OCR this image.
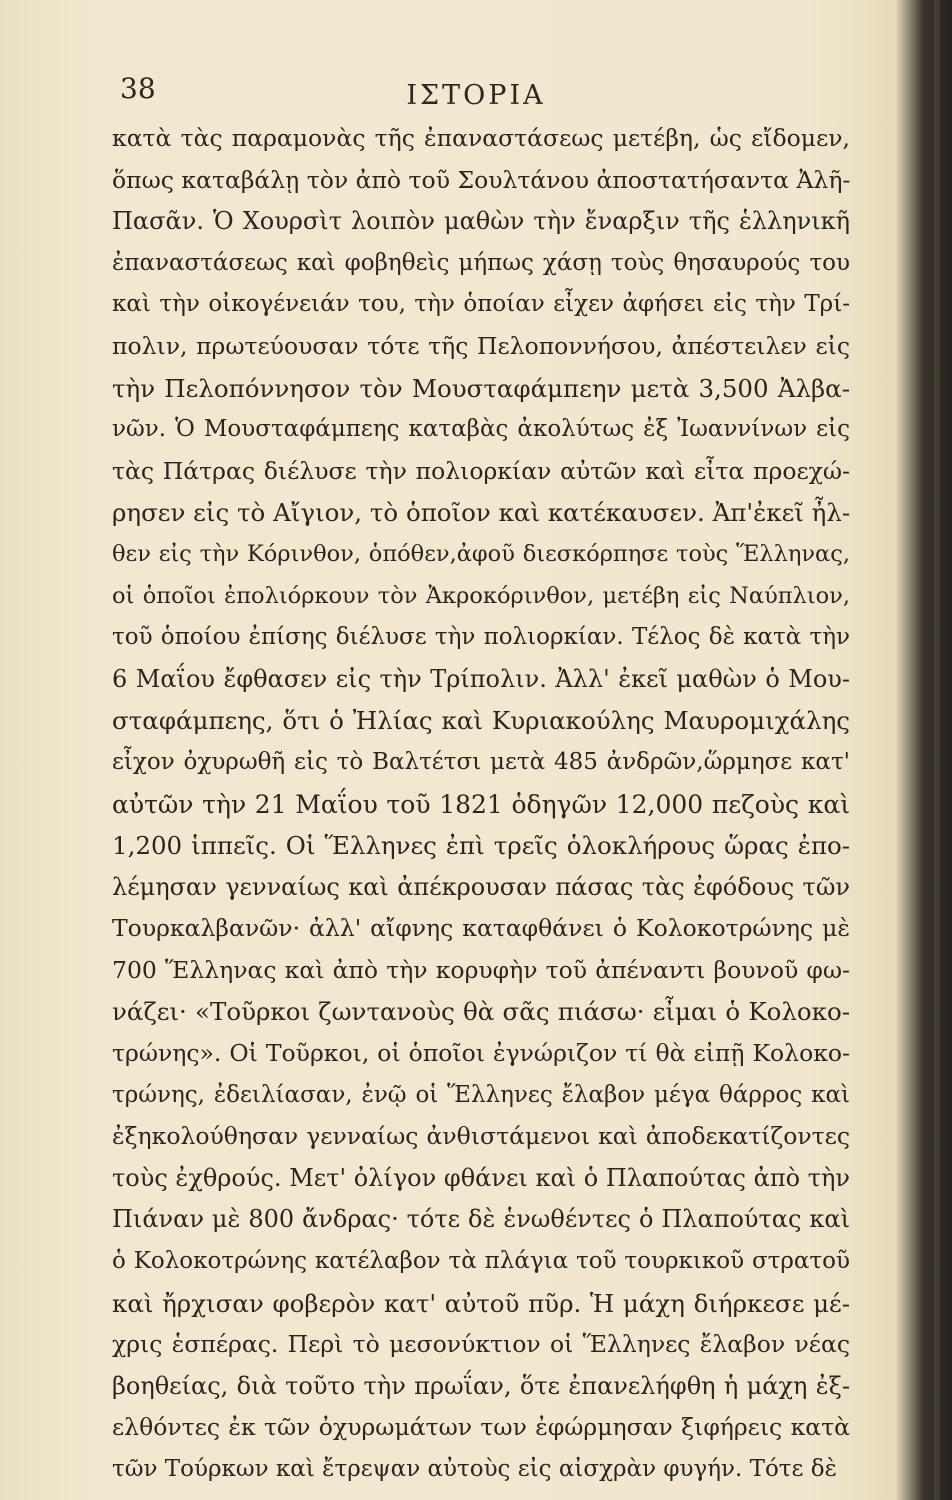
38	ΙΣΤΟΡΙΑ
κατὰ τὰς παραμονὰς τῆς ἐπαναστάσεως μετέβη, ὡς εἴδομεν,
ὅπως καταβάλῃ τὸν ἀπὸ τοῦ Σουλτάνου ἀποστατήσαντα Ἀλῆ-
Πασᾶν. Ὁ Χουρσὶτ λοιπὸν μαθὼν τὴν ἔναρξιν τῆς ἑλληνικῆ
ἐπαναστάσεως καὶ φοβηθεὶς μήπως χάσῃ τοὺς θησαυρούς του
καὶ τὴν οἰκογένειάν του, τὴν ὁποίαν εἶχεν ἀφήσει εἰς τὴν Τρί-
πολιν, πρωτεύουσαν τότε τῆς Πελοποννήσου, ἀπέστειλεν εἰς
τὴν Πελοπόννησον τὸν Μουσταφάμπεην μετὰ 3,500 Ἀλβα-
νῶν. Ὁ Μουσταφάμπεης καταβὰς ἀκολύτως ἐξ Ἰωαννίνων εἰς
τὰς Πάτρας διέλυσε τὴν πολιορκίαν αὐτῶν καὶ εἶτα προεχώ-
ρησεν εἰς τὸ Αἴγιον, τὸ ὁποῖον καὶ κατέκαυσεν. Ἀπ'ἐκεῖ ἦλ-
θεν εἰς τὴν Κόρινθον, ὁπόθεν,ἀφοῦ διεσκόρπησε τοὺς Ἕλληνας,
οἱ ὁποῖοι ἐπολιόρκουν τὸν Ἀκροκόρινθον, μετέβη εἰς Ναύπλιον,
τοῦ ὁποίου ἐπίσης διέλυσε τὴν πολιορκίαν. Τέλος δὲ κατὰ τὴν
6 Μαΐου ἔφθασεν εἰς τὴν Τρίπολιν. Ἀλλ' ἐκεῖ μαθὼν ὁ Μου-
σταφάμπεης, ὅτι ὁ Ἠλίας καὶ Κυριακούλης Μαυρομιχάλης
εἶχον ὀχυρωθῆ εἰς τὸ Βαλτέτσι μετὰ 485 ἀνδρῶν,ὥρμησε κατ'
αὐτῶν τὴν 21 Μαΐου τοῦ 1821 ὁδηγῶν 12,000 πεζοὺς καὶ
1,200 ἱππεῖς. Οἱ Ἕλληνες ἐπὶ τρεῖς ὁλοκλήρους ὥρας ἐπο-
λέμησαν γενναίως καὶ ἀπέκρουσαν πάσας τὰς ἐφόδους τῶν
Τουρκαλβανῶν· ἀλλ' αἴφνης καταφθάνει ὁ Κολοκοτρώνης μὲ
700 Ἕλληνας καὶ ἀπὸ τὴν κορυφὴν τοῦ ἀπέναντι βουνοῦ φω-
νάζει· «Τοῦρκοι ζωντανοὺς θὰ σᾶς πιάσω· εἶμαι ὁ Κολοκο-
τρώνης». Οἱ Τοῦρκοι, οἱ ὁποῖοι ἐγνώριζον τί θὰ εἰπῇ Κολοκο-
τρώνης, ἐδειλίασαν, ἐνῷ οἱ Ἕλληνες ἔλαβον μέγα θάρρος καὶ
ἐξηκολούθησαν γενναίως ἀνθιστάμενοι καὶ ἀποδεκατίζοντες
τοὺς ἐχθρούς. Μετ' ὀλίγον φθάνει καὶ ὁ Πλαπούτας ἀπὸ τὴν
Πιάναν μὲ 800 ἄνδρας· τότε δὲ ἑνωθέντες ὁ Πλαπούτας καὶ
ὁ Κολοκοτρώνης κατέλαβον τὰ πλάγια τοῦ τουρκικοῦ στρατοῦ
καὶ ἤρχισαν φοβερὸν κατ' αὐτοῦ πῦρ. Ἡ μάχη διήρκεσε μέ-
χρις ἑσπέρας. Περὶ τὸ μεσονύκτιον οἱ Ἕλληνες ἔλαβον νέας
βοηθείας, διὰ τοῦτο τὴν πρωΐαν, ὅτε ἐπανελήφθη ἡ μάχη ἐξ-
ελθόντες ἐκ τῶν ὀχυρωμάτων των ἐφώρμησαν ξιφήρεις κατὰ
τῶν Τούρκων καὶ ἔτρεψαν αὐτοὺς εἰς αἰσχρὰν φυγήν. Τότε δὲ
